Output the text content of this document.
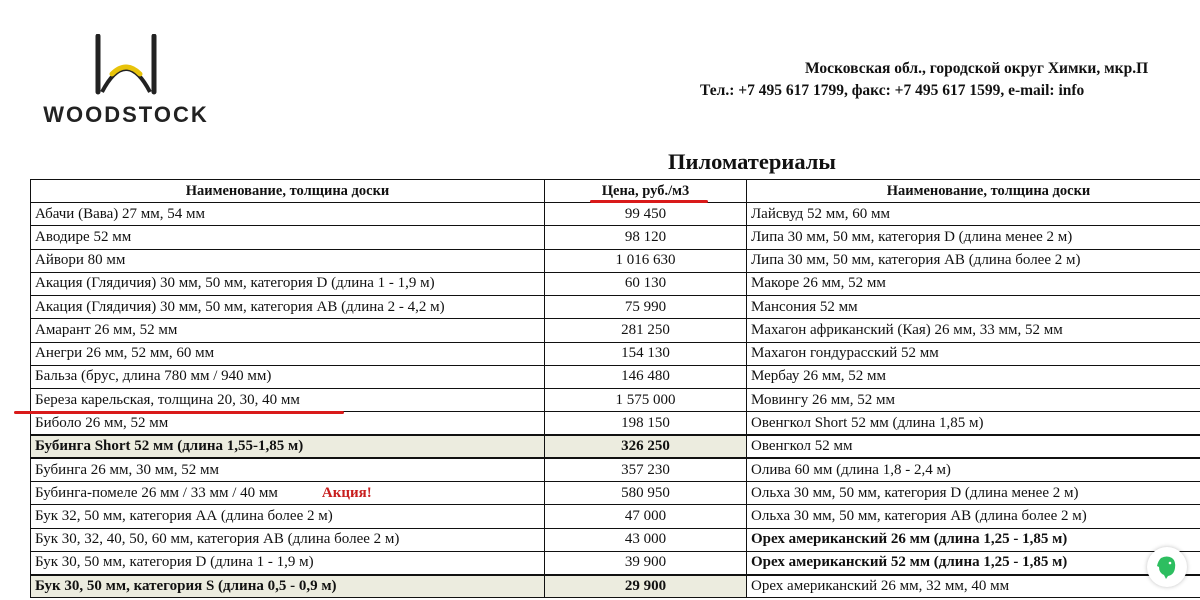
WOODSTOCK
Московская обл., городской округ Химки, мкр.П
Тел.: +7 495 617 1799, факс: +7 495 617 1599, e-mail: info
Пиломатериалы
Наименование, толщина доски	Цена, руб./м3	Наименование, толщина доски
Абачи (Вава) 27 мм, 54 мм	99 450	Лайсвуд 52 мм, 60 мм
Аводире 52 мм	98 120	Липа 30 мм, 50 мм, категория D (длина менее 2 м)
Айвори 80 мм	1 016 630	Липа 30 мм, 50 мм, категория АВ (длина более 2 м)
Акация (Глядичия) 30 мм, 50 мм, категория D (длина 1 - 1,9 м)	60 130	Макоре 26 мм, 52 мм
Акация (Глядичия) 30 мм, 50 мм, категория АВ (длина 2 - 4,2 м)	75 990	Мансония 52 мм
Амарант 26 мм, 52 мм	281 250	Махагон африканский (Кая) 26 мм, 33 мм, 52 мм
Анегри 26 мм, 52 мм, 60 мм	154 130	Махагон гондурасский 52 мм
Бальза (брус, длина 780 мм / 940 мм)	146 480	Мербау 26 мм, 52 мм
Береза карельская, толщина 20, 30, 40 мм	1 575 000	Мовингу 26 мм, 52 мм
Биболо 26 мм, 52 мм	198 150	Овенгкол Short 52 мм (длина 1,85 м)
Бубинга Short 52 мм (длина 1,55-1,85 м)	326 250	Овенгкол 52 мм
Бубинга 26 мм, 30 мм, 52 мм	357 230	Олива 60 мм (длина 1,8 - 2,4 м)
Бубинга-помеле 26 мм / 33 мм / 40 мм Акция!	580 950	Ольха 30 мм, 50 мм, категория D (длина менее 2 м)
Бук 32, 50 мм, категория АА (длина более 2 м)	47 000	Ольха 30 мм, 50 мм, категория АВ (длина более 2 м)
Бук 30, 32, 40, 50, 60 мм, категория АВ (длина более 2 м)	43 000	Орех американский 26 мм (длина 1,25 - 1,85 м)
Бук 30, 50 мм, категория D (длина 1 - 1,9 м)	39 900	Орех американский 52 мм (длина 1,25 - 1,85 м)
Бук 30, 50 мм, категория S (длина 0,5 - 0,9 м)	29 900	Орех американский 26 мм, 32 мм, 40 мм
